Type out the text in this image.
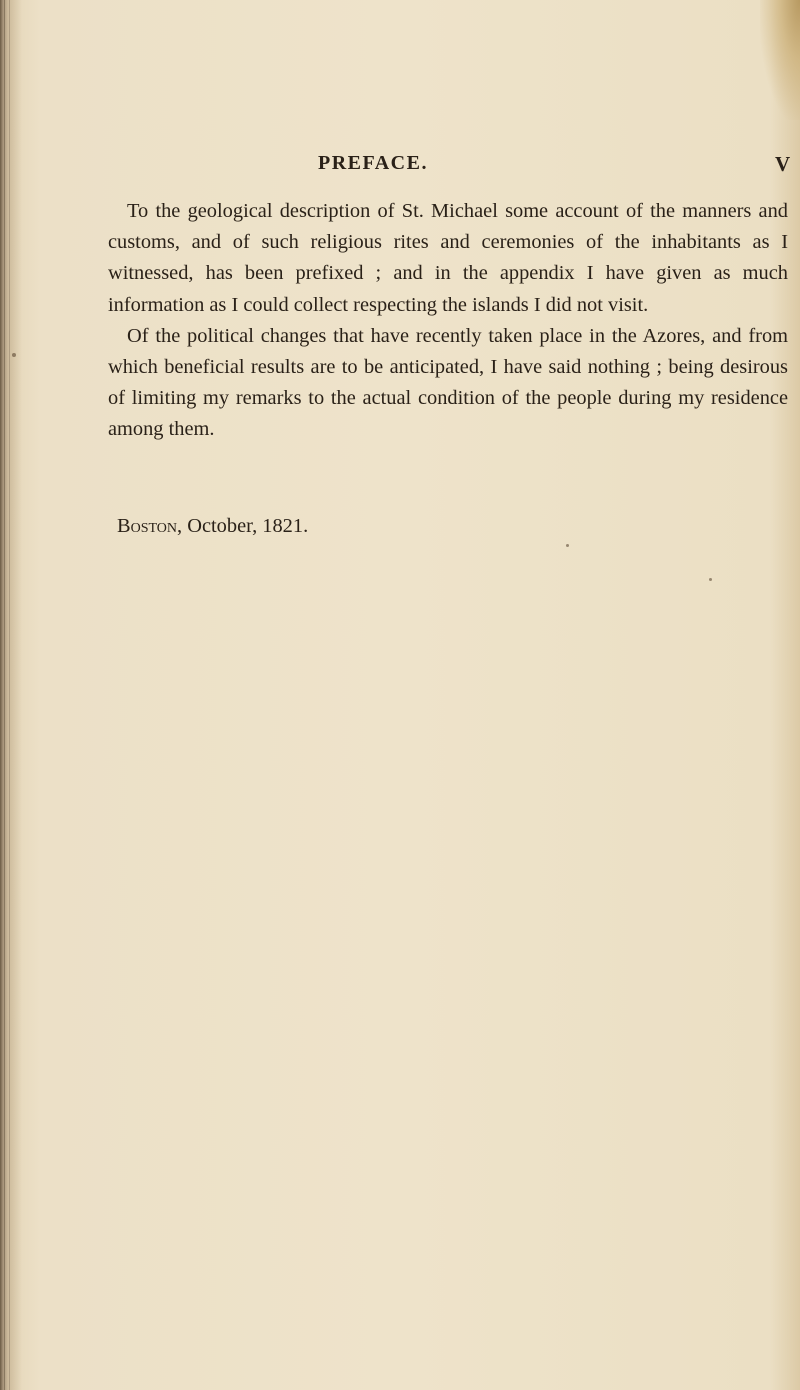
PREFACE.	V

To the geological description of St. Michael some account of the manners and customs, and of such religious rites and ceremonies of the inhabitants as I witnessed, has been prefixed ; and in the appendix I have given as much information as I could collect respecting the islands I did not visit.

Of the political changes that have recently taken place in the Azores, and from which beneficial results are to be anticipated, I have said nothing ; being desirous of limiting my remarks to the actual condition of the people during my residence among them.

Boston, October, 1821.
